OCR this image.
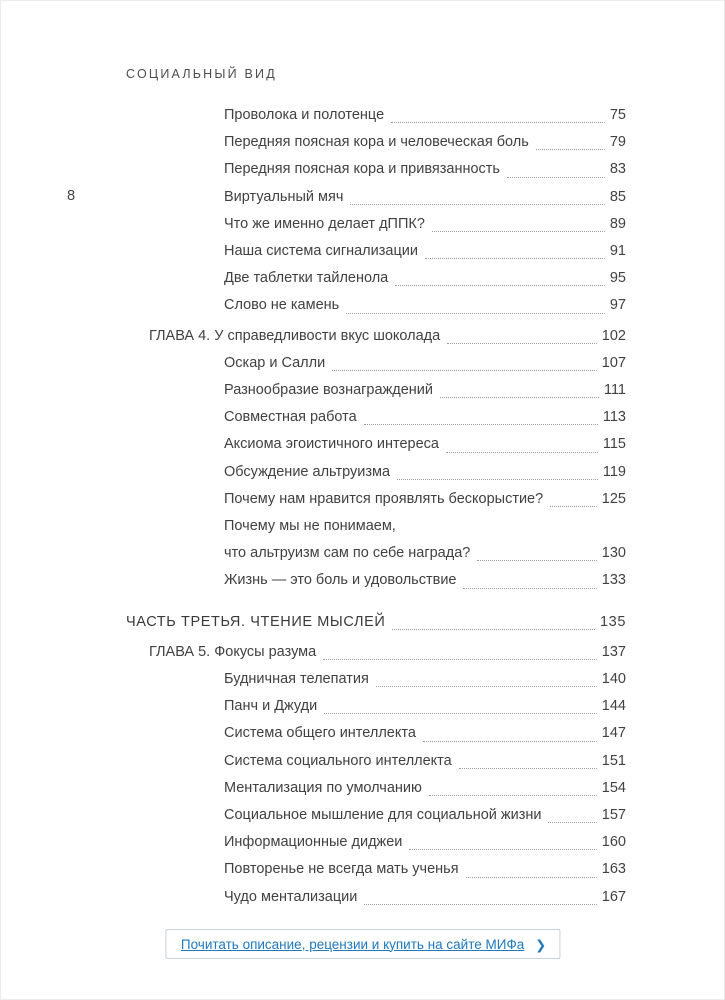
СОЦИАЛЬНЫЙ ВИД
8
Проволока и полотенце	75
Передняя поясная кора и человеческая боль	79
Передняя поясная кора и привязанность	83
Виртуальный мяч	85
Что же именно делает дППК?	89
Наша система сигнализации	91
Две таблетки тайленола	95
Слово не камень	97
ГЛАВА 4. У справедливости вкус шоколада	102
Оскар и Салли	107
Разнообразие вознаграждений	111
Совместная работа	113
Аксиома эгоистичного интереса	115
Обсуждение альтруизма	119
Почему нам нравится проявлять бескорыстие?	125
Почему мы не понимаем,
что альтруизм сам по себе награда?	130
Жизнь — это боль и удовольствие	133
ЧАСТЬ ТРЕТЬЯ. ЧТЕНИЕ МЫСЛЕЙ	135
ГЛАВА 5. Фокусы разума	137
Будничная телепатия	140
Панч и Джуди	144
Система общего интеллекта	147
Система социального интеллекта	151
Ментализация по умолчанию	154
Социальное мышление для социальной жизни	157
Информационные диджеи	160
Повторенье не всегда мать ученья	163
Чудо ментализации	167
Почитать описание, рецензии и купить на сайте МИФа ❯
